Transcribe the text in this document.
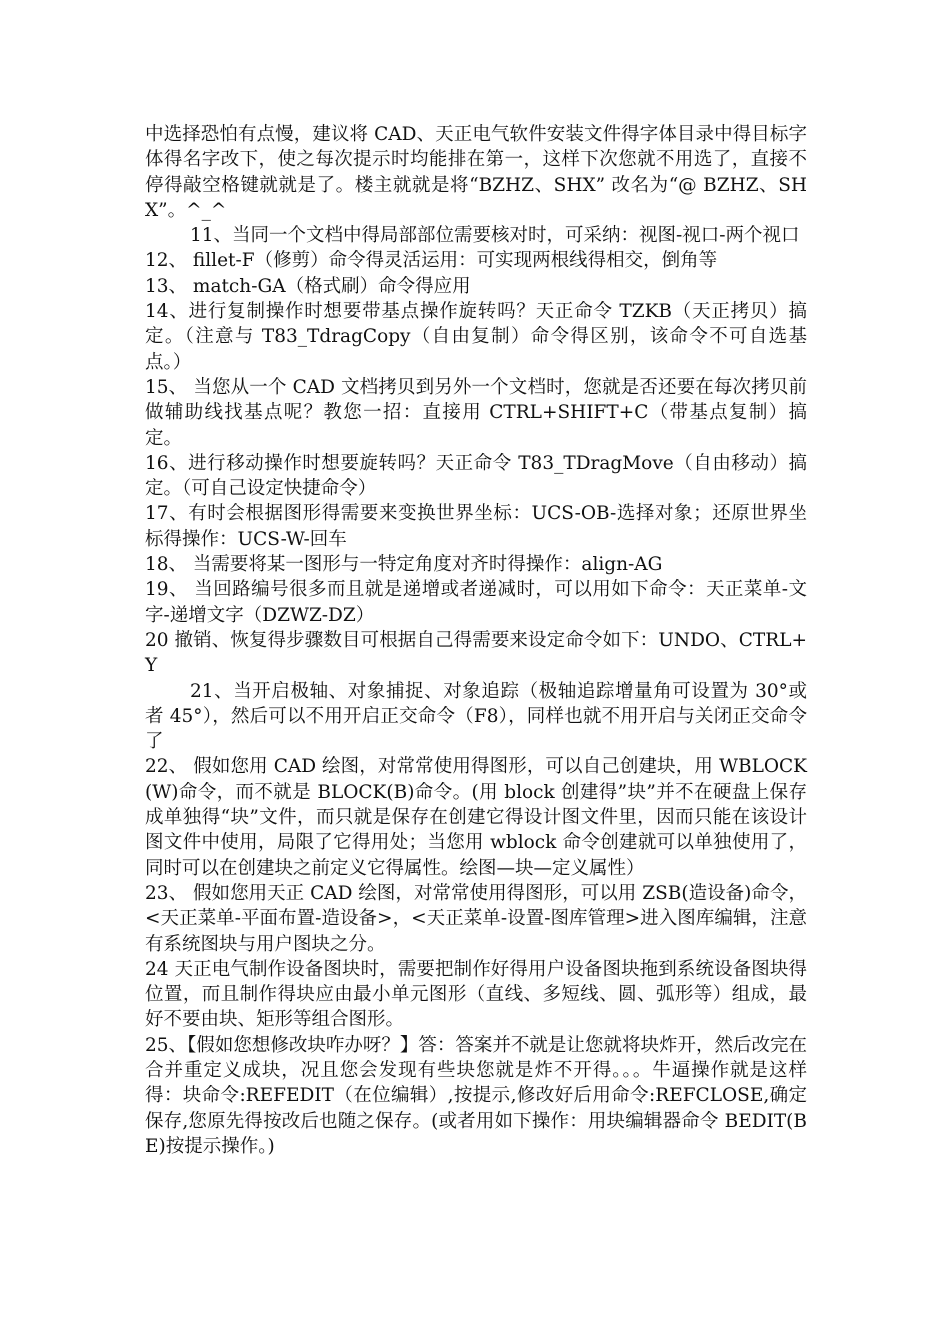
中选择恐怕有点慢，建议将 CAD、天正电气软件安装文件得字体目录中得目标字体得名字改下，使之每次提示时均能排在第一，这样下次您就不用选了，直接不停得敲空格键就就是了。楼主就就是将“BZHZ、SHX” 改名为“@ BZHZ、SHX”。^_^

11、当同一个文档中得局部部位需要核对时，可采纳：视图-视口-两个视口

12、 fillet-F（修剪）命令得灵活运用：可实现两根线得相交，倒角等

13、 match-GA（格式刷）命令得应用

14、进行复制操作时想要带基点操作旋转吗？天正命令 TZKB（天正拷贝）搞定。（注意与 T83_TdragCopy（自由复制）命令得区别，该命令不可自选基点。）

15、 当您从一个 CAD 文档拷贝到另外一个文档时，您就是否还要在每次拷贝前做辅助线找基点呢？教您一招：直接用 CTRL+SHIFT+C（带基点复制）搞定。

16、进行移动操作时想要旋转吗？天正命令 T83_TDragMove（自由移动）搞定。（可自己设定快捷命令）

17、有时会根据图形得需要来变换世界坐标：UCS-OB-选择对象；还原世界坐标得操作：UCS-W-回车

18、 当需要将某一图形与一特定角度对齐时得操作：align-AG

19、 当回路编号很多而且就是递增或者递减时，可以用如下命令：天正菜单-文字-递增文字（DZWZ-DZ）

20 撤销、恢复得步骤数目可根据自己得需要来设定命令如下：UNDO、CTRL+Y

21、当开启极轴、对象捕捉、对象追踪（极轴追踪增量角可设置为 30°或者 45°），然后可以不用开启正交命令（F8），同样也就不用开启与关闭正交命令了

22、 假如您用 CAD 绘图，对常常使用得图形，可以自己创建块，用 WBLOCK(W)命令，而不就是 BLOCK(B)命令。(用 block 创建得”块”并不在硬盘上保存成单独得“块”文件，而只就是保存在创建它得设计图文件里，因而只能在该设计图文件中使用，局限了它得用处；当您用 wblock 命令创建就可以单独使用了，同时可以在创建块之前定义它得属性。绘图—块—定义属性）

23、 假如您用天正 CAD 绘图，对常常使用得图形，可以用 ZSB(造设备)命令，<天正菜单-平面布置-造设备>，<天正菜单-设置-图库管理>进入图库编辑，注意有系统图块与用户图块之分。

24 天正电气制作设备图块时，需要把制作好得用户设备图块拖到系统设备图块得位置，而且制作得块应由最小单元图形（直线、多短线、圆、弧形等）组成，最好不要由块、矩形等组合图形。

25、【假如您想修改块咋办呀？】答：答案并不就是让您就将块炸开，然后改完在合并重定义成块，况且您会发现有些块您就是炸不开得。。。牛逼操作就是这样得：块命令:REFEDIT（在位编辑）,按提示,修改好后用命令:REFCLOSE,确定保存,您原先得按改后也随之保存。(或者用如下操作：用块编辑器命令 BEDIT(BE)按提示操作。)
